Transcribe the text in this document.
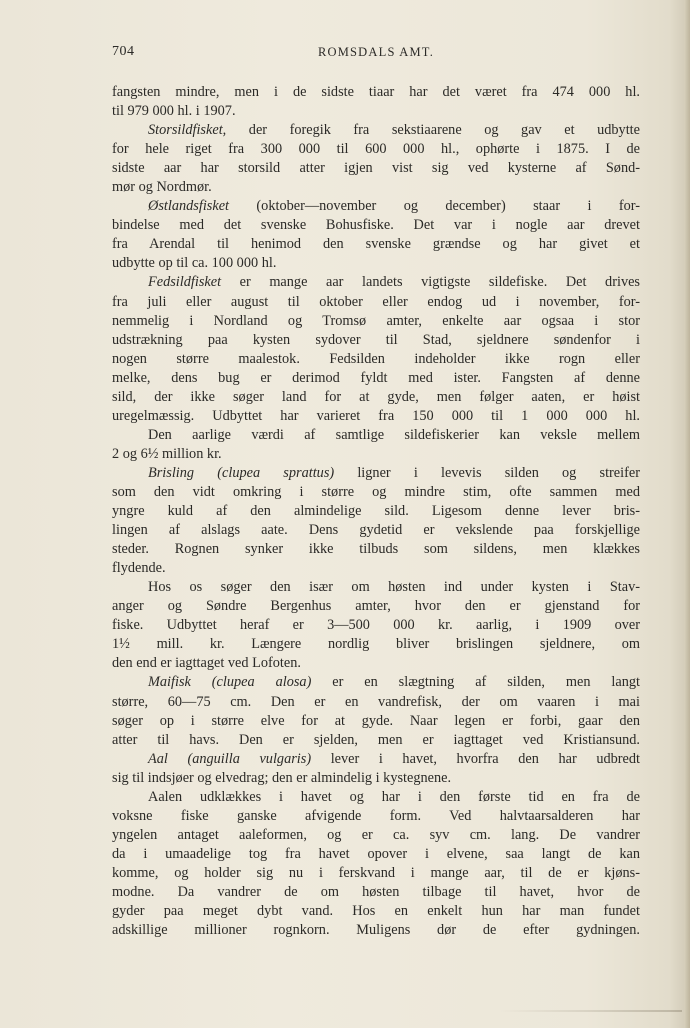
704	ROMSDALS AMT.
fangsten mindre, men i de sidste tiaar har det været fra 474 000 hl.
til 979 000 hl. i 1907.
Storsildfisket, der foregik fra sekstiaarene og gav et udbytte
for hele riget fra 300 000 til 600 000 hl., ophørte i 1875. I de
sidste aar har storsild atter igjen vist sig ved kysterne af Sønd-
mør og Nordmør.
Østlandsfisket (oktober—november og december) staar i for-
bindelse med det svenske Bohusfiske. Det var i nogle aar drevet
fra Arendal til henimod den svenske grændse og har givet et
udbytte op til ca. 100 000 hl.
Fedsildfisket er mange aar landets vigtigste sildefiske. Det drives
fra juli eller august til oktober eller endog ud i november, for-
nemmelig i Nordland og Tromsø amter, enkelte aar ogsaa i stor
udstrækning paa kysten sydover til Stad, sjeldnere søndenfor i
nogen større maalestok. Fedsilden indeholder ikke rogn eller
melke, dens bug er derimod fyldt med ister. Fangsten af denne
sild, der ikke søger land for at gyde, men følger aaten, er høist
uregelmæssig. Udbyttet har varieret fra 150 000 til 1 000 000 hl.
Den aarlige værdi af samtlige sildefiskerier kan veksle mellem
2 og 6½ million kr.
Brisling (clupea sprattus) ligner i levevis silden og streifer
som den vidt omkring i større og mindre stim, ofte sammen med
yngre kuld af den almindelige sild. Ligesom denne lever bris-
lingen af alslags aate. Dens gydetid er vekslende paa forskjellige
steder. Rognen synker ikke tilbuds som sildens, men klækkes
flydende.
Hos os søger den især om høsten ind under kysten i Stav-
anger og Søndre Bergenhus amter, hvor den er gjenstand for
fiske. Udbyttet heraf er 3—500 000 kr. aarlig, i 1909 over
1½ mill. kr. Længere nordlig bliver brislingen sjeldnere, om
den end er iagttaget ved Lofoten.
Maifisk (clupea alosa) er en slægtning af silden, men langt
større, 60—75 cm. Den er en vandrefisk, der om vaaren i mai
søger op i større elve for at gyde. Naar legen er forbi, gaar den
atter til havs. Den er sjelden, men er iagttaget ved Kristiansund.
Aal (anguilla vulgaris) lever i havet, hvorfra den har udbredt
sig til indsjøer og elvedrag; den er almindelig i kystegnene.
Aalen udklækkes i havet og har i den første tid en fra de
voksne fiske ganske afvigende form. Ved halvtaarsalderen har
yngelen antaget aaleformen, og er ca. syv cm. lang. De vandrer
da i umaadelige tog fra havet opover i elvene, saa langt de kan
komme, og holder sig nu i ferskvand i mange aar, til de er kjøns-
modne. Da vandrer de om høsten tilbage til havet, hvor de
gyder paa meget dybt vand. Hos en enkelt hun har man fundet
adskillige millioner rognkorn. Muligens dør de efter gydningen.
